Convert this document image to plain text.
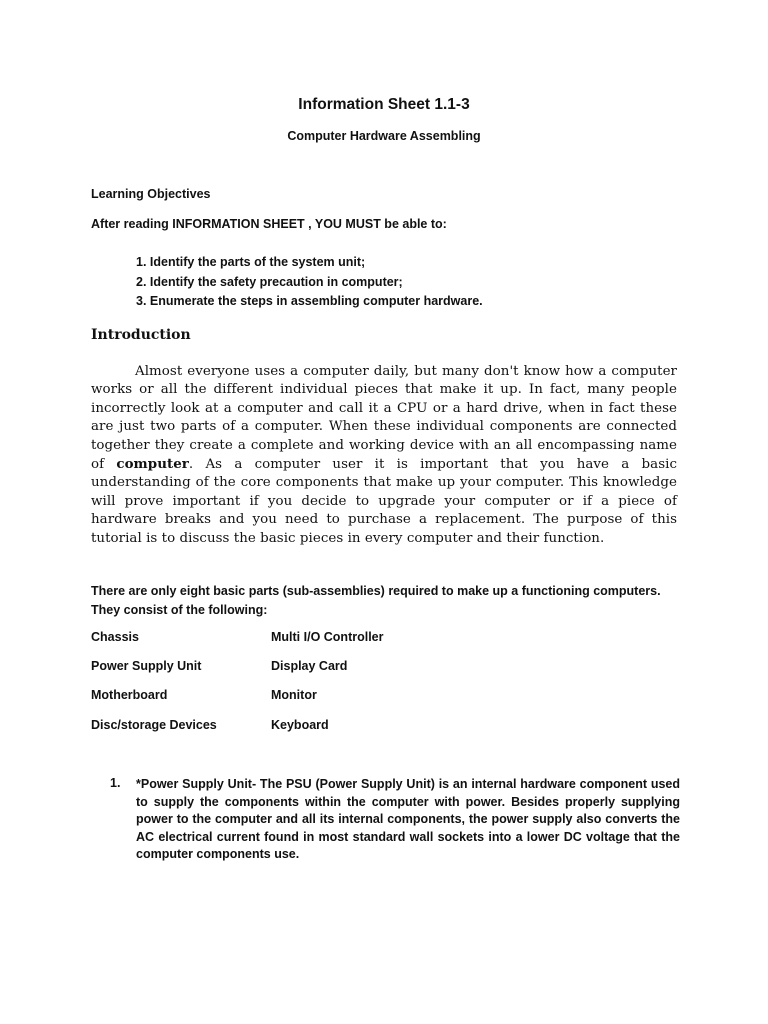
Information Sheet 1.1-3
Computer Hardware Assembling
Learning Objectives
After reading INFORMATION SHEET , YOU MUST be able to:
1. Identify the parts of the system unit;
2. Identify the safety precaution in computer;
3. Enumerate the steps in assembling computer hardware.
Introduction

Almost everyone uses a computer daily, but many don't know how a computer works or all the different individual pieces that make it up. In fact, many people incorrectly look at a computer and call it a CPU or a hard drive, when in fact these are just two parts of a computer. When these individual components are connected together they create a complete and working device with an all encompassing name of computer. As a computer user it is important that you have a basic understanding of the core components that make up your computer. This knowledge will prove important if you decide to upgrade your computer or if a piece of hardware breaks and you need to purchase a replacement. The purpose of this tutorial is to discuss the basic pieces in every computer and their function.

There are only eight basic parts (sub-assemblies) required to make up a functioning computers. They consist of the following:

Chassis	Multi I/O Controller
Power Supply Unit	Display Card
Motherboard	Monitor
Disc/storage Devices	Keyboard
1. *Power Supply Unit- The PSU (Power Supply Unit) is an internal hardware component used to supply the components within the computer with power. Besides properly supplying power to the computer and all its internal components, the power supply also converts the AC electrical current found in most standard wall sockets into a lower DC voltage that the computer components use.
